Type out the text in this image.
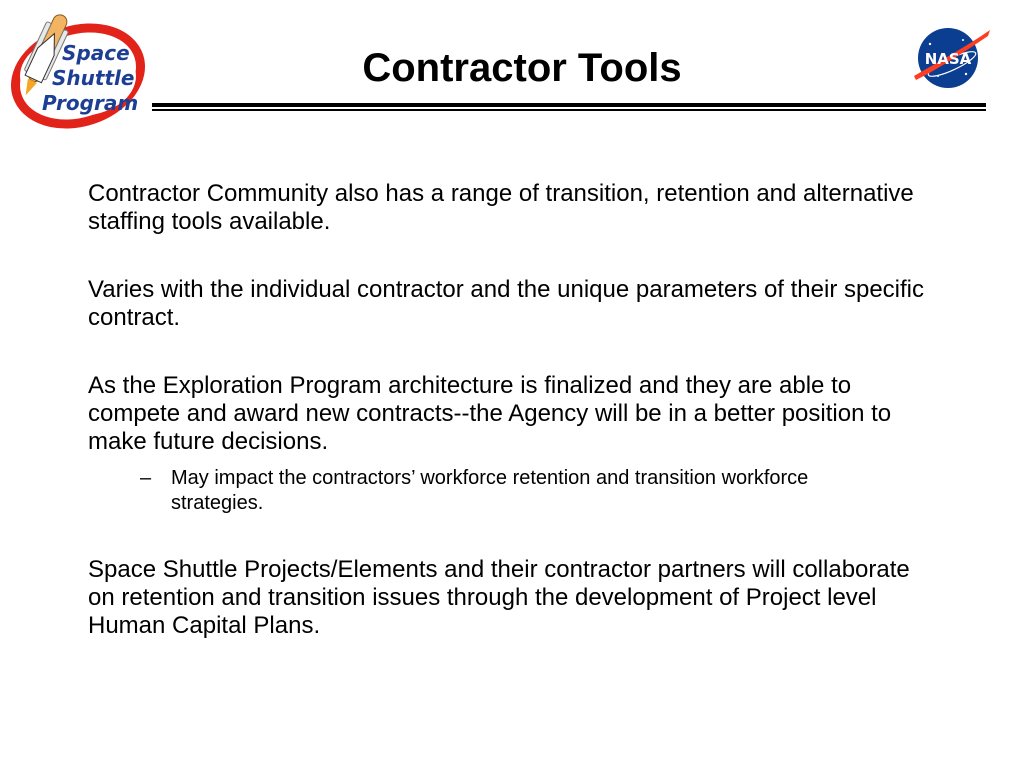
Space
Shuttle
Program
Contractor Tools	NASA

Contractor Community also has a range of transition, retention and alternative staffing tools available.

Varies with the individual contractor and the unique parameters of their specific contract.

As the Exploration Program architecture is finalized and they are able to compete and award new contracts--the Agency will be in a better position to make future decisions.

– May impact the contractors’ workforce retention and transition workforce strategies.

Space Shuttle Projects/Elements and their contractor partners will collaborate on retention and transition issues through the development of Project level Human Capital Plans.
